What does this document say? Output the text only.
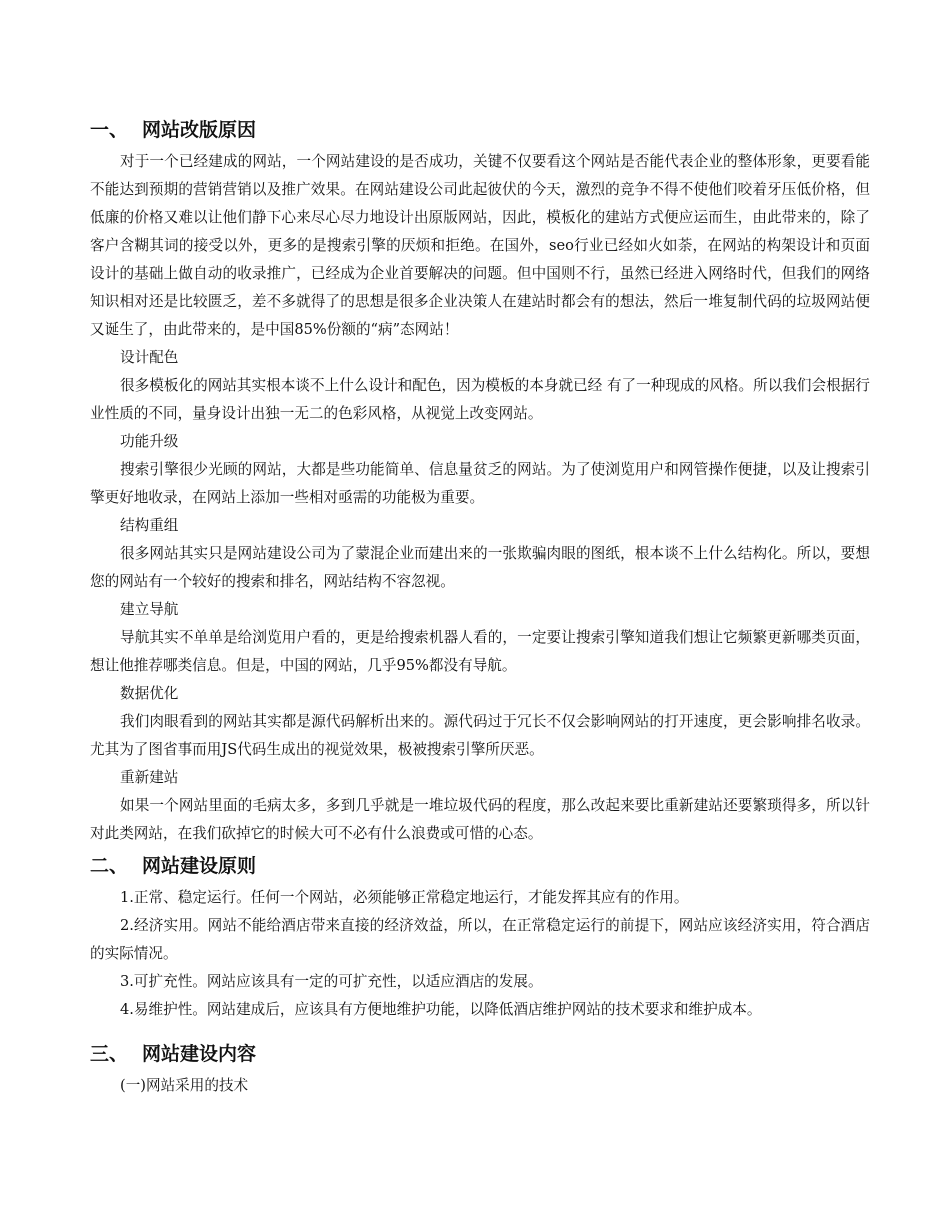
一、 网站改版原因

对于一个已经建成的网站，一个网站建设的是否成功，关键不仅要看这个网站是否能代表企业的整体形象，更要看能不能达到预期的营销营销以及推广效果。在网站建设公司此起彼伏的今天，激烈的竞争不得不使他们咬着牙压低价格，但低廉的价格又难以让他们静下心来尽心尽力地设计出原版网站，因此，模板化的建站方式便应运而生，由此带来的，除了客户含糊其词的接受以外，更多的是搜索引擎的厌烦和拒绝。在国外，seo行业已经如火如荼，在网站的构架设计和页面设计的基础上做自动的收录推广，已经成为企业首要解决的问题。但中国则不行，虽然已经进入网络时代，但我们的网络知识相对还是比较匮乏，差不多就得了的思想是很多企业决策人在建站时都会有的想法，然后一堆复制代码的垃圾网站便又诞生了，由此带来的，是中国85%份额的“病”态网站！

设计配色

很多模板化的网站其实根本谈不上什么设计和配色，因为模板的本身就已经 有了一种现成的风格。所以我们会根据行业性质的不同，量身设计出独一无二的色彩风格，从视觉上改变网站。

功能升级

搜索引擎很少光顾的网站，大都是些功能简单、信息量贫乏的网站。为了使浏览用户和网管操作便捷，以及让搜索引擎更好地收录，在网站上添加一些相对亟需的功能极为重要。

结构重组

很多网站其实只是网站建设公司为了蒙混企业而建出来的一张欺骗肉眼的图纸，根本谈不上什么结构化。所以，要想您的网站有一个较好的搜索和排名，网站结构不容忽视。

建立导航

导航其实不单单是给浏览用户看的，更是给搜索机器人看的，一定要让搜索引擎知道我们想让它频繁更新哪类页面，想让他推荐哪类信息。但是，中国的网站，几乎95%都没有导航。

数据优化

我们肉眼看到的网站其实都是源代码解析出来的。源代码过于冗长不仅会影响网站的打开速度，更会影响排名收录。尤其为了图省事而用JS代码生成出的视觉效果，极被搜索引擎所厌恶。

重新建站

如果一个网站里面的毛病太多，多到几乎就是一堆垃圾代码的程度，那么改起来要比重新建站还要繁琐得多，所以针对此类网站，在我们砍掉它的时候大可不必有什么浪费或可惜的心态。

二、 网站建设原则

1.正常、稳定运行。任何一个网站，必须能够正常稳定地运行，才能发挥其应有的作用。

2.经济实用。网站不能给酒店带来直接的经济效益，所以，在正常稳定运行的前提下，网站应该经济实用，符合酒店的实际情况。

3.可扩充性。网站应该具有一定的可扩充性，以适应酒店的发展。

4.易维护性。网站建成后，应该具有方便地维护功能，以降低酒店维护网站的技术要求和维护成本。

三、 网站建设内容

(一)网站采用的技术
